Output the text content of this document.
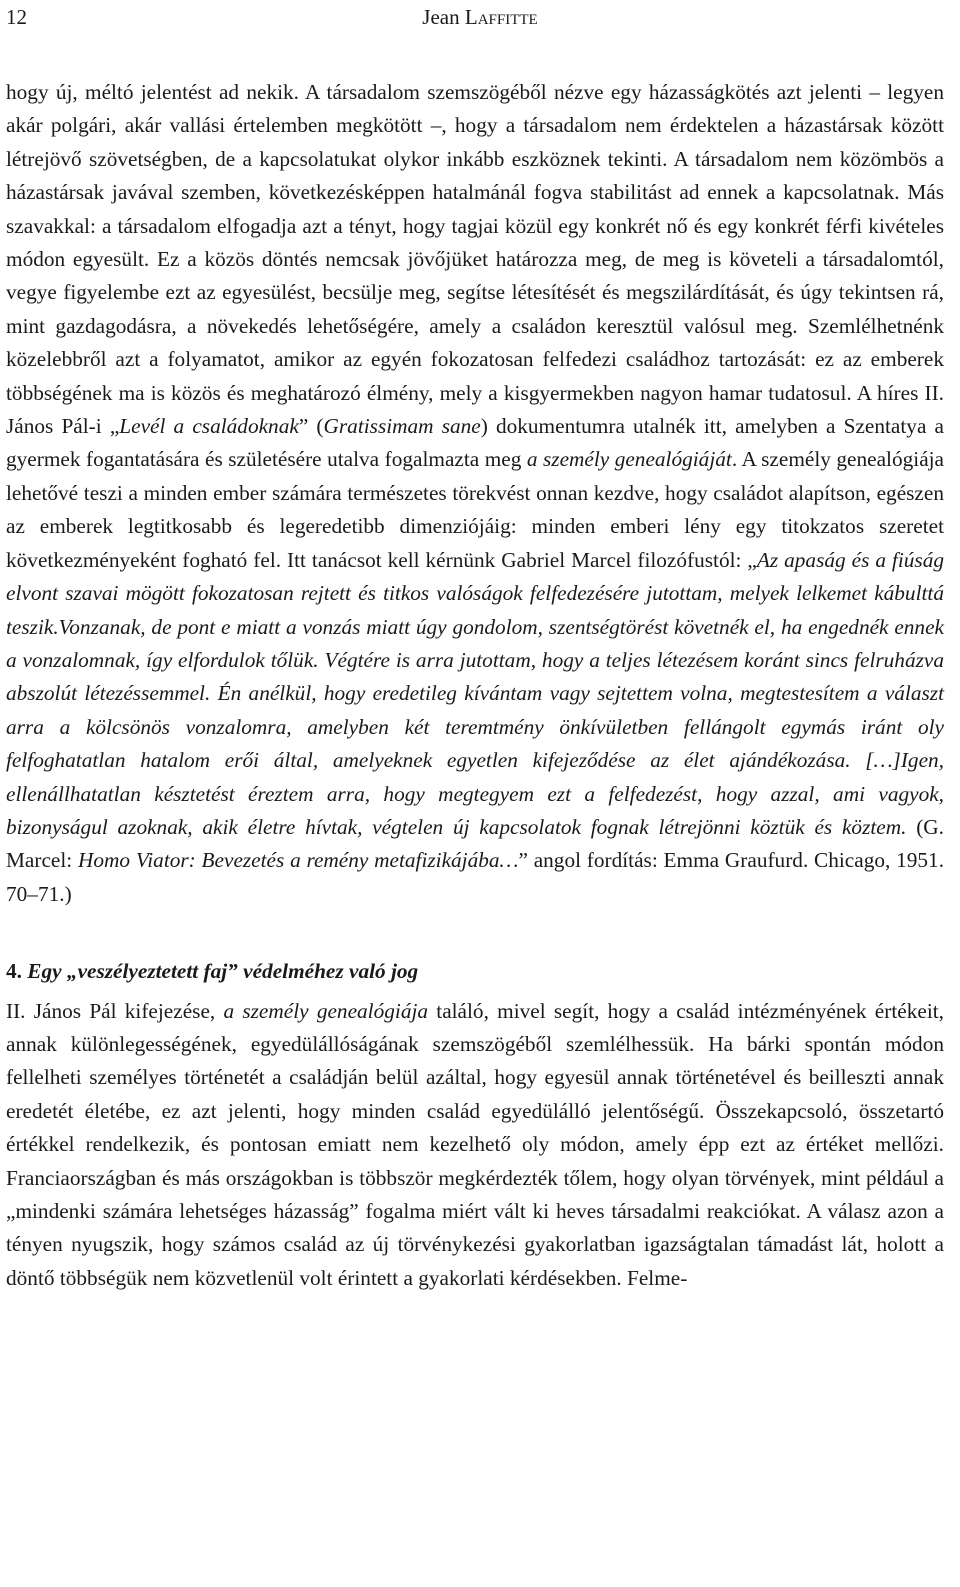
12	Jean Laffitte

hogy új, méltó jelentést ad nekik. A társadalom szemszögéből nézve egy házasságkötés azt jelenti – legyen akár polgári, akár vallási értelemben megkötött –, hogy a társadalom nem érdektelen a házastársak között létrejövő szövetségben, de a kapcsolatukat olykor inkább eszköznek tekinti. A társadalom nem közömbös a házastársak javával szemben, következésképpen hatalmánál fogva stabilitást ad ennek a kapcsolatnak. Más szavakkal: a társadalom elfogadja azt a tényt, hogy tagjai közül egy konkrét nő és egy konkrét férfi kivételes módon egyesült. Ez a közös döntés nemcsak jövőjüket határozza meg, de meg is követeli a társadalomtól, vegye figyelembe ezt az egyesülést, becsülje meg, segítse létesítését és megszilárdítását, és úgy tekintsen rá, mint gazdagodásra, a növekedés lehetőségére, amely a családon keresztül valósul meg. Szemlélhetnénk közelebbről azt a folyamatot, amikor az egyén fokozatosan felfedezi családhoz tartozását: ez az emberek többségének ma is közös és meghatározó élmény, mely a kisgyermekben nagyon hamar tudatosul. A híres II. János Pál-i „Levél a családoknak” (Gratissimam sane) dokumentumra utalnék itt, amelyben a Szentatya a gyermek fogantatására és születésére utalva fogalmazta meg a személy genealógiáját. A személy genealógiája lehetővé teszi a minden ember számára természetes törekvést onnan kezdve, hogy családot alapítson, egészen az emberek legtitkosabb és legeredetibb dimenziójáig: minden emberi lény egy titokzatos szeretet következményeként fogható fel. Itt tanácsot kell kérnünk Gabriel Marcel filozófustól: „Az apaság és a fiúság elvont szavai mögött fokozatosan rejtett és titkos valóságok felfedezésére jutottam, melyek lelkemet kábulttá teszik.Vonzanak, de pont e miatt a vonzás miatt úgy gondolom, szentségtörést követnék el, ha engednék ennek a vonzalomnak, így elfordulok tőlük. Végtére is arra jutottam, hogy a teljes létezésem koránt sincs felruházva abszolút létezéssemmel. Én anélkül, hogy eredetileg kívántam vagy sejtettem volna, megtestesítem a választ arra a kölcsönös vonzalomra, amelyben két teremtmény önkívületben fellángolt egymás iránt oly felfoghatatlan hatalom erői által, amelyeknek egyetlen kifejeződése az élet ajándékozása. […]Igen, ellenállhatatlan késztetést éreztem arra, hogy megtegyem ezt a felfedezést, hogy azzal, ami vagyok, bizonyságul azoknak, akik életre hívtak, végtelen új kapcsolatok fognak létrejönni köztük és köztem. (G. Marcel: Homo Viator: Bevezetés a remény metafizikájába…” angol fordítás: Emma Graufurd. Chicago, 1951. 70–71.)

4. Egy „veszélyeztetett faj” védelméhez való jog

II. János Pál kifejezése, a személy genealógiája találó, mivel segít, hogy a család intézményének értékeit, annak különlegességének, egyedülállóságának szemszögéből szemlélhessük. Ha bárki spontán módon fellelheti személyes történetét a családján belül azáltal, hogy egyesül annak történetével és beilleszti annak eredetét életébe, ez azt jelenti, hogy minden család egyedülálló jelentőségű. Összekapcsoló, összetartó értékkel rendelkezik, és pontosan emiatt nem kezelhető oly módon, amely épp ezt az értéket mellőzi. Franciaországban és más országokban is többször megkérdezték tőlem, hogy olyan törvények, mint például a „mindenki számára lehetséges házasság” fogalma miért vált ki heves társadalmi reakciókat. A válasz azon a tényen nyugszik, hogy számos család az új törvénykezési gyakorlatban igazságtalan támadást lát, holott a döntő többségük nem közvetlenül volt érintett a gyakorlati kérdésekben. Felme-
